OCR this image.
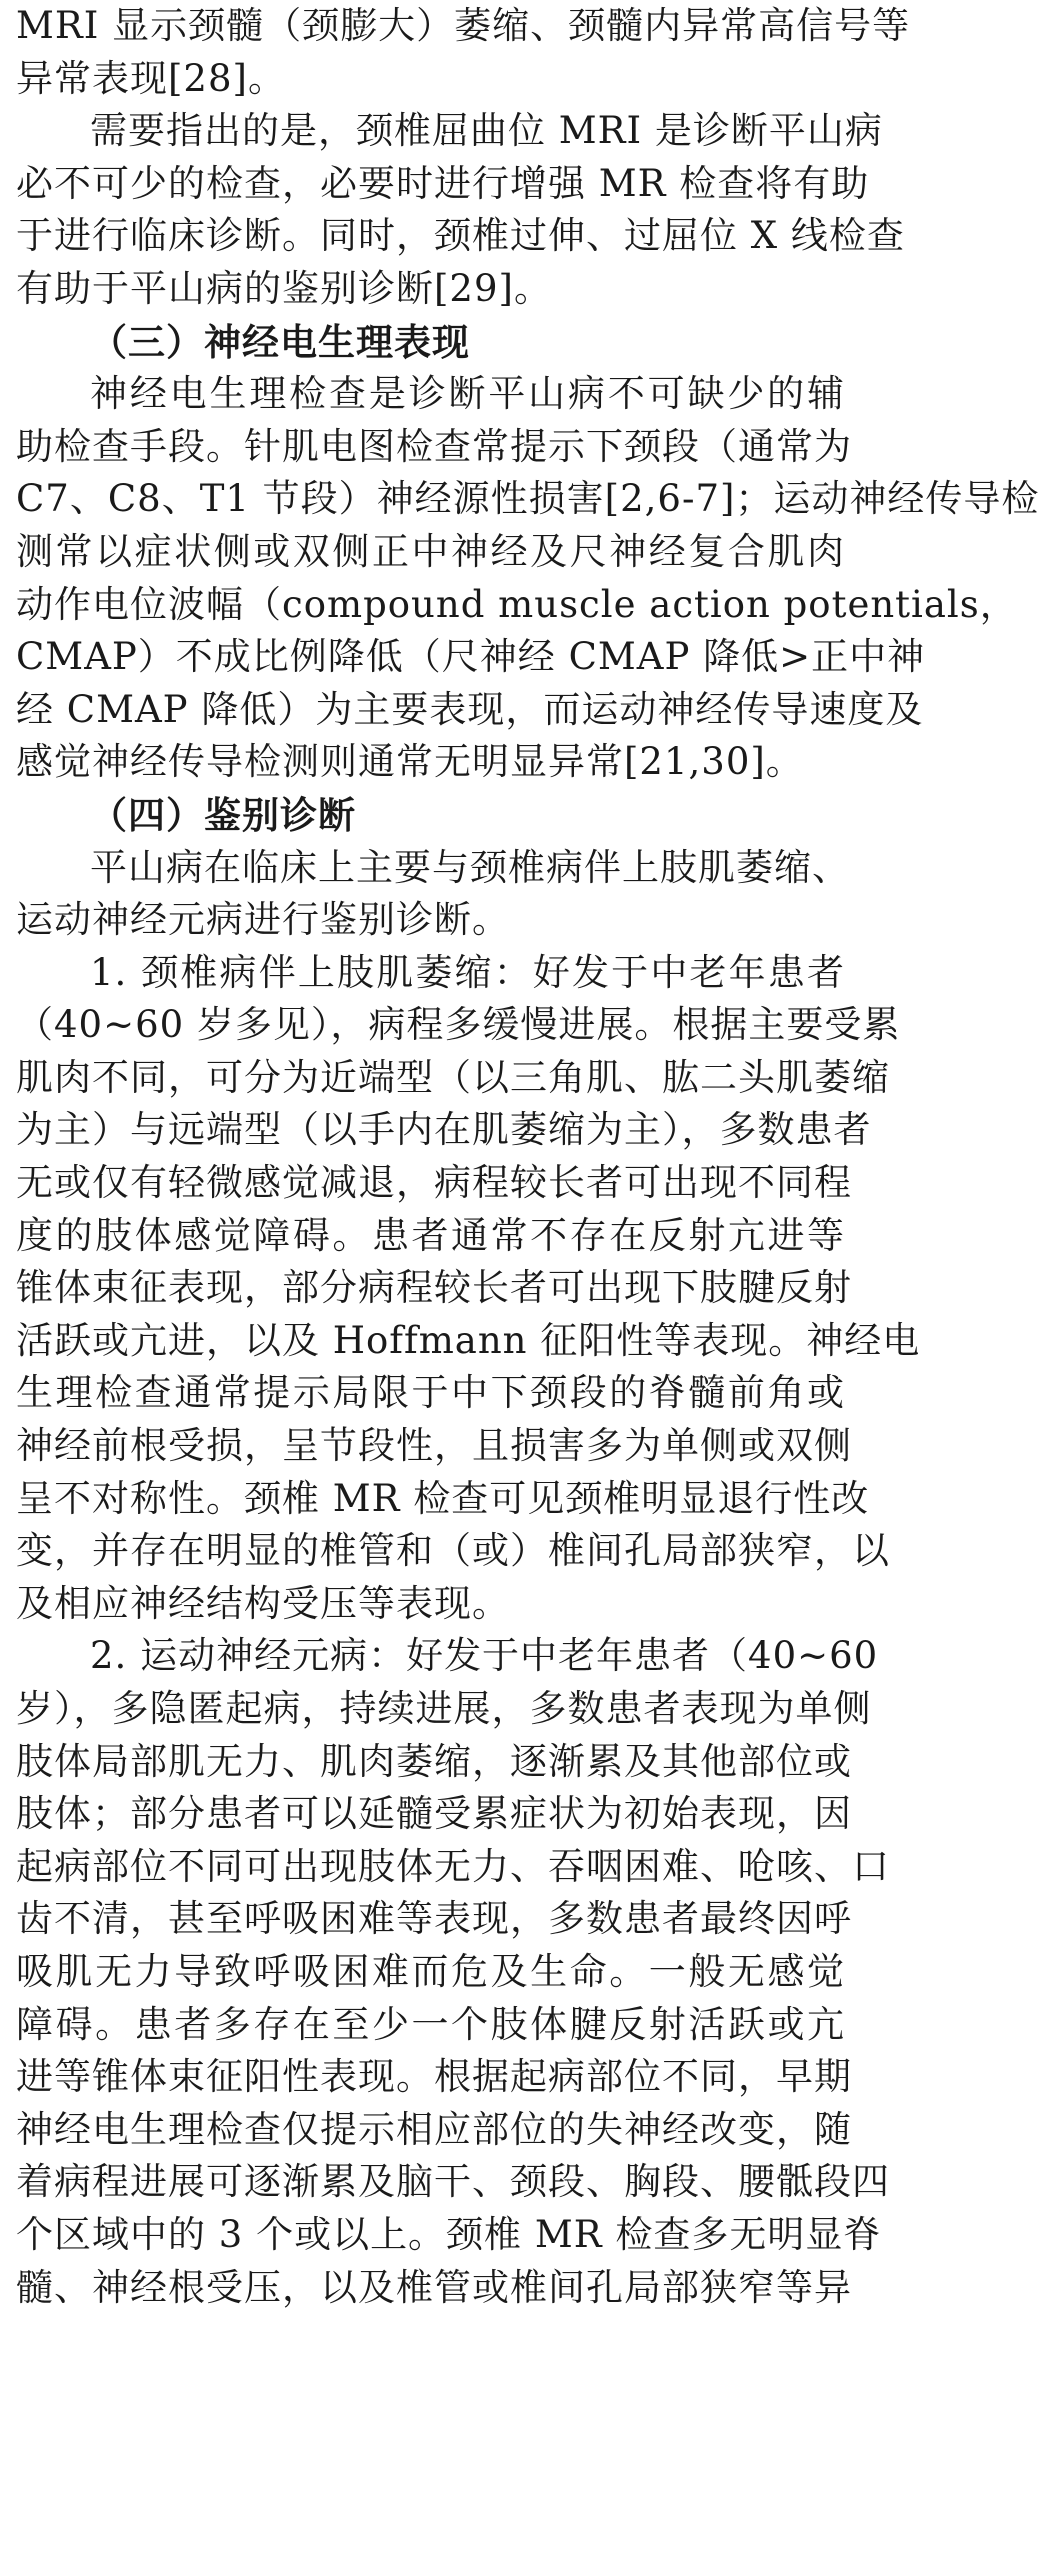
MRI 显示颈髓（颈膨大）萎缩、颈髓内异常高信号等
异常表现[28]。
需要指出的是，颈椎屈曲位 MRI 是诊断平山病
必不可少的检查，必要时进行增强 MR 检查将有助
于进行临床诊断。同时，颈椎过伸、过屈位 X 线检查
有助于平山病的鉴别诊断[29]。
（三）神经电生理表现
神经电生理检查是诊断平山病不可缺少的辅
助检查手段。针肌电图检查常提示下颈段（通常为
C7、C8、T1 节段）神经源性损害[2,6-7]；运动神经传导检
测常以症状侧或双侧正中神经及尺神经复合肌肉
动作电位波幅（compound muscle action potentials，
CMAP）不成比例降低（尺神经 CMAP 降低>正中神
经 CMAP 降低）为主要表现，而运动神经传导速度及
感觉神经传导检测则通常无明显异常[21,30]。
（四）鉴别诊断
平山病在临床上主要与颈椎病伴上肢肌萎缩、
运动神经元病进行鉴别诊断。
1. 颈椎病伴上肢肌萎缩：好发于中老年患者
（40~60 岁多见），病程多缓慢进展。根据主要受累
肌肉不同，可分为近端型（以三角肌、肱二头肌萎缩
为主）与远端型（以手内在肌萎缩为主），多数患者
无或仅有轻微感觉减退，病程较长者可出现不同程
度的肢体感觉障碍。患者通常不存在反射亢进等
锥体束征表现，部分病程较长者可出现下肢腱反射
活跃或亢进，以及 Hoffmann 征阳性等表现。神经电
生理检查通常提示局限于中下颈段的脊髓前角或
神经前根受损，呈节段性，且损害多为单侧或双侧
呈不对称性。颈椎 MR 检查可见颈椎明显退行性改
变，并存在明显的椎管和（或）椎间孔局部狭窄，以
及相应神经结构受压等表现。
2. 运动神经元病：好发于中老年患者（40~60
岁），多隐匿起病，持续进展，多数患者表现为单侧
肢体局部肌无力、肌肉萎缩，逐渐累及其他部位或
肢体；部分患者可以延髓受累症状为初始表现，因
起病部位不同可出现肢体无力、吞咽困难、呛咳、口
齿不清，甚至呼吸困难等表现，多数患者最终因呼
吸肌无力导致呼吸困难而危及生命。一般无感觉
障碍。患者多存在至少一个肢体腱反射活跃或亢
进等锥体束征阳性表现。根据起病部位不同，早期
神经电生理检查仅提示相应部位的失神经改变，随
着病程进展可逐渐累及脑干、颈段、胸段、腰骶段四
个区域中的 3 个或以上。颈椎 MR 检查多无明显脊
髓、神经根受压，以及椎管或椎间孔局部狭窄等异
